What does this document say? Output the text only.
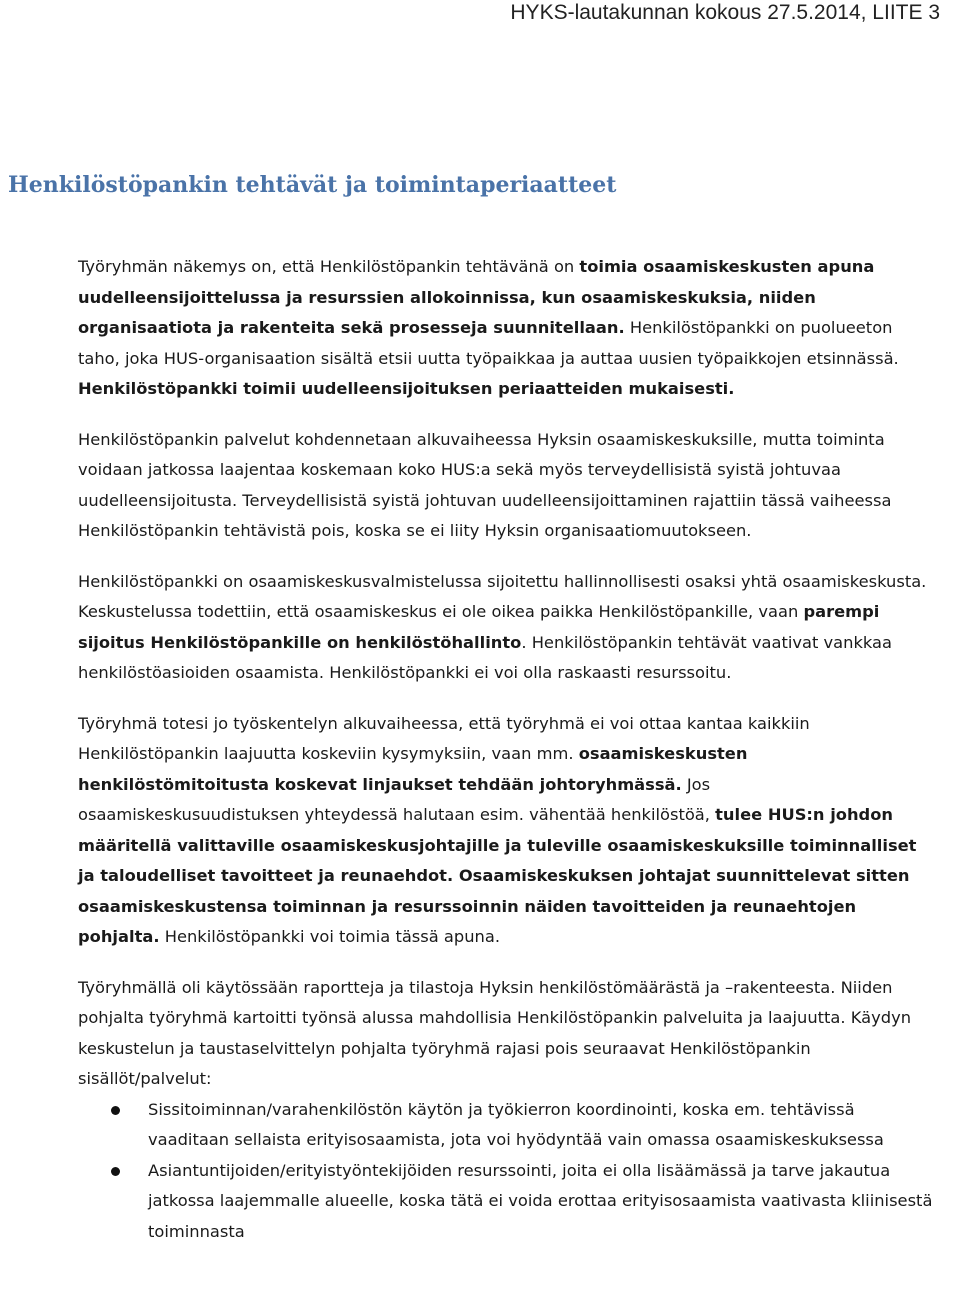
HYKS-lautakunnan kokous 27.5.2014, LIITE 3
Henkilöstöpankin tehtävät ja toimintaperiaatteet

Työryhmän näkemys on, että Henkilöstöpankin tehtävänä on toimia osaamiskeskusten apuna uudelleensijoittelussa ja resurssien allokoinnissa, kun osaamiskeskuksia, niiden organisaatiota ja rakenteita sekä prosesseja suunnitellaan. Henkilöstöpankki on puolueeton taho, joka HUS-organisaation sisältä etsii uutta työpaikkaa ja auttaa uusien työpaikkojen etsinnässä. Henkilöstöpankki toimii uudelleensijoituksen periaatteiden mukaisesti.

Henkilöstöpankin palvelut kohdennetaan alkuvaiheessa Hyksin osaamiskeskuksille, mutta toiminta voidaan jatkossa laajentaa koskemaan koko HUS:a sekä myös terveydellisistä syistä johtuvaa uudelleensijoitusta. Terveydellisistä syistä johtuvan uudelleensijoittaminen rajattiin tässä vaiheessa Henkilöstöpankin tehtävistä pois, koska se ei liity Hyksin organisaatiomuutokseen.

Henkilöstöpankki on osaamiskeskusvalmistelussa sijoitettu hallinnollisesti osaksi yhtä osaamiskeskusta. Keskustelussa todettiin, että osaamiskeskus ei ole oikea paikka Henkilöstöpankille, vaan parempi sijoitus Henkilöstöpankille on henkilöstöhallinto. Henkilöstöpankin tehtävät vaativat vankkaa henkilöstöasioiden osaamista. Henkilöstöpankki ei voi olla raskaasti resurssoitu.

Työryhmä totesi jo työskentelyn alkuvaiheessa, että työryhmä ei voi ottaa kantaa kaikkiin Henkilöstöpankin laajuutta koskeviin kysymyksiin, vaan mm. osaamiskeskusten henkilöstömitoitusta koskevat linjaukset tehdään johtoryhmässä. Jos osaamiskeskusuudistuksen yhteydessä halutaan esim. vähentää henkilöstöä, tulee HUS:n johdon määritellä valittaville osaamiskeskusjohtajille ja tuleville osaamiskeskuksille toiminnalliset ja taloudelliset tavoitteet ja reunaehdot. Osaamiskeskuksen johtajat suunnittelevat sitten osaamiskeskustensa toiminnan ja resurssoinnin näiden tavoitteiden ja reunaehtojen pohjalta. Henkilöstöpankki voi toimia tässä apuna.

Työryhmällä oli käytössään raportteja ja tilastoja Hyksin henkilöstömäärästä ja –rakenteesta. Niiden pohjalta työryhmä kartoitti työnsä alussa mahdollisia Henkilöstöpankin palveluita ja laajuutta. Käydyn keskustelun ja taustaselvittelyn pohjalta työryhmä rajasi pois seuraavat Henkilöstöpankin sisällöt/palvelut:

Sissitoiminnan/varahenkilöstön käytön ja työkierron koordinointi, koska em. tehtävissä vaaditaan sellaista erityisosaamista, jota voi hyödyntää vain omassa osaamiskeskuksessa
Asiantuntijoiden/erityistyöntekijöiden resurssointi, joita ei olla lisäämässä ja tarve jakautua jatkossa laajemmalle alueelle, koska tätä ei voida erottaa erityisosaamista vaativasta kliinisestä toiminnasta
